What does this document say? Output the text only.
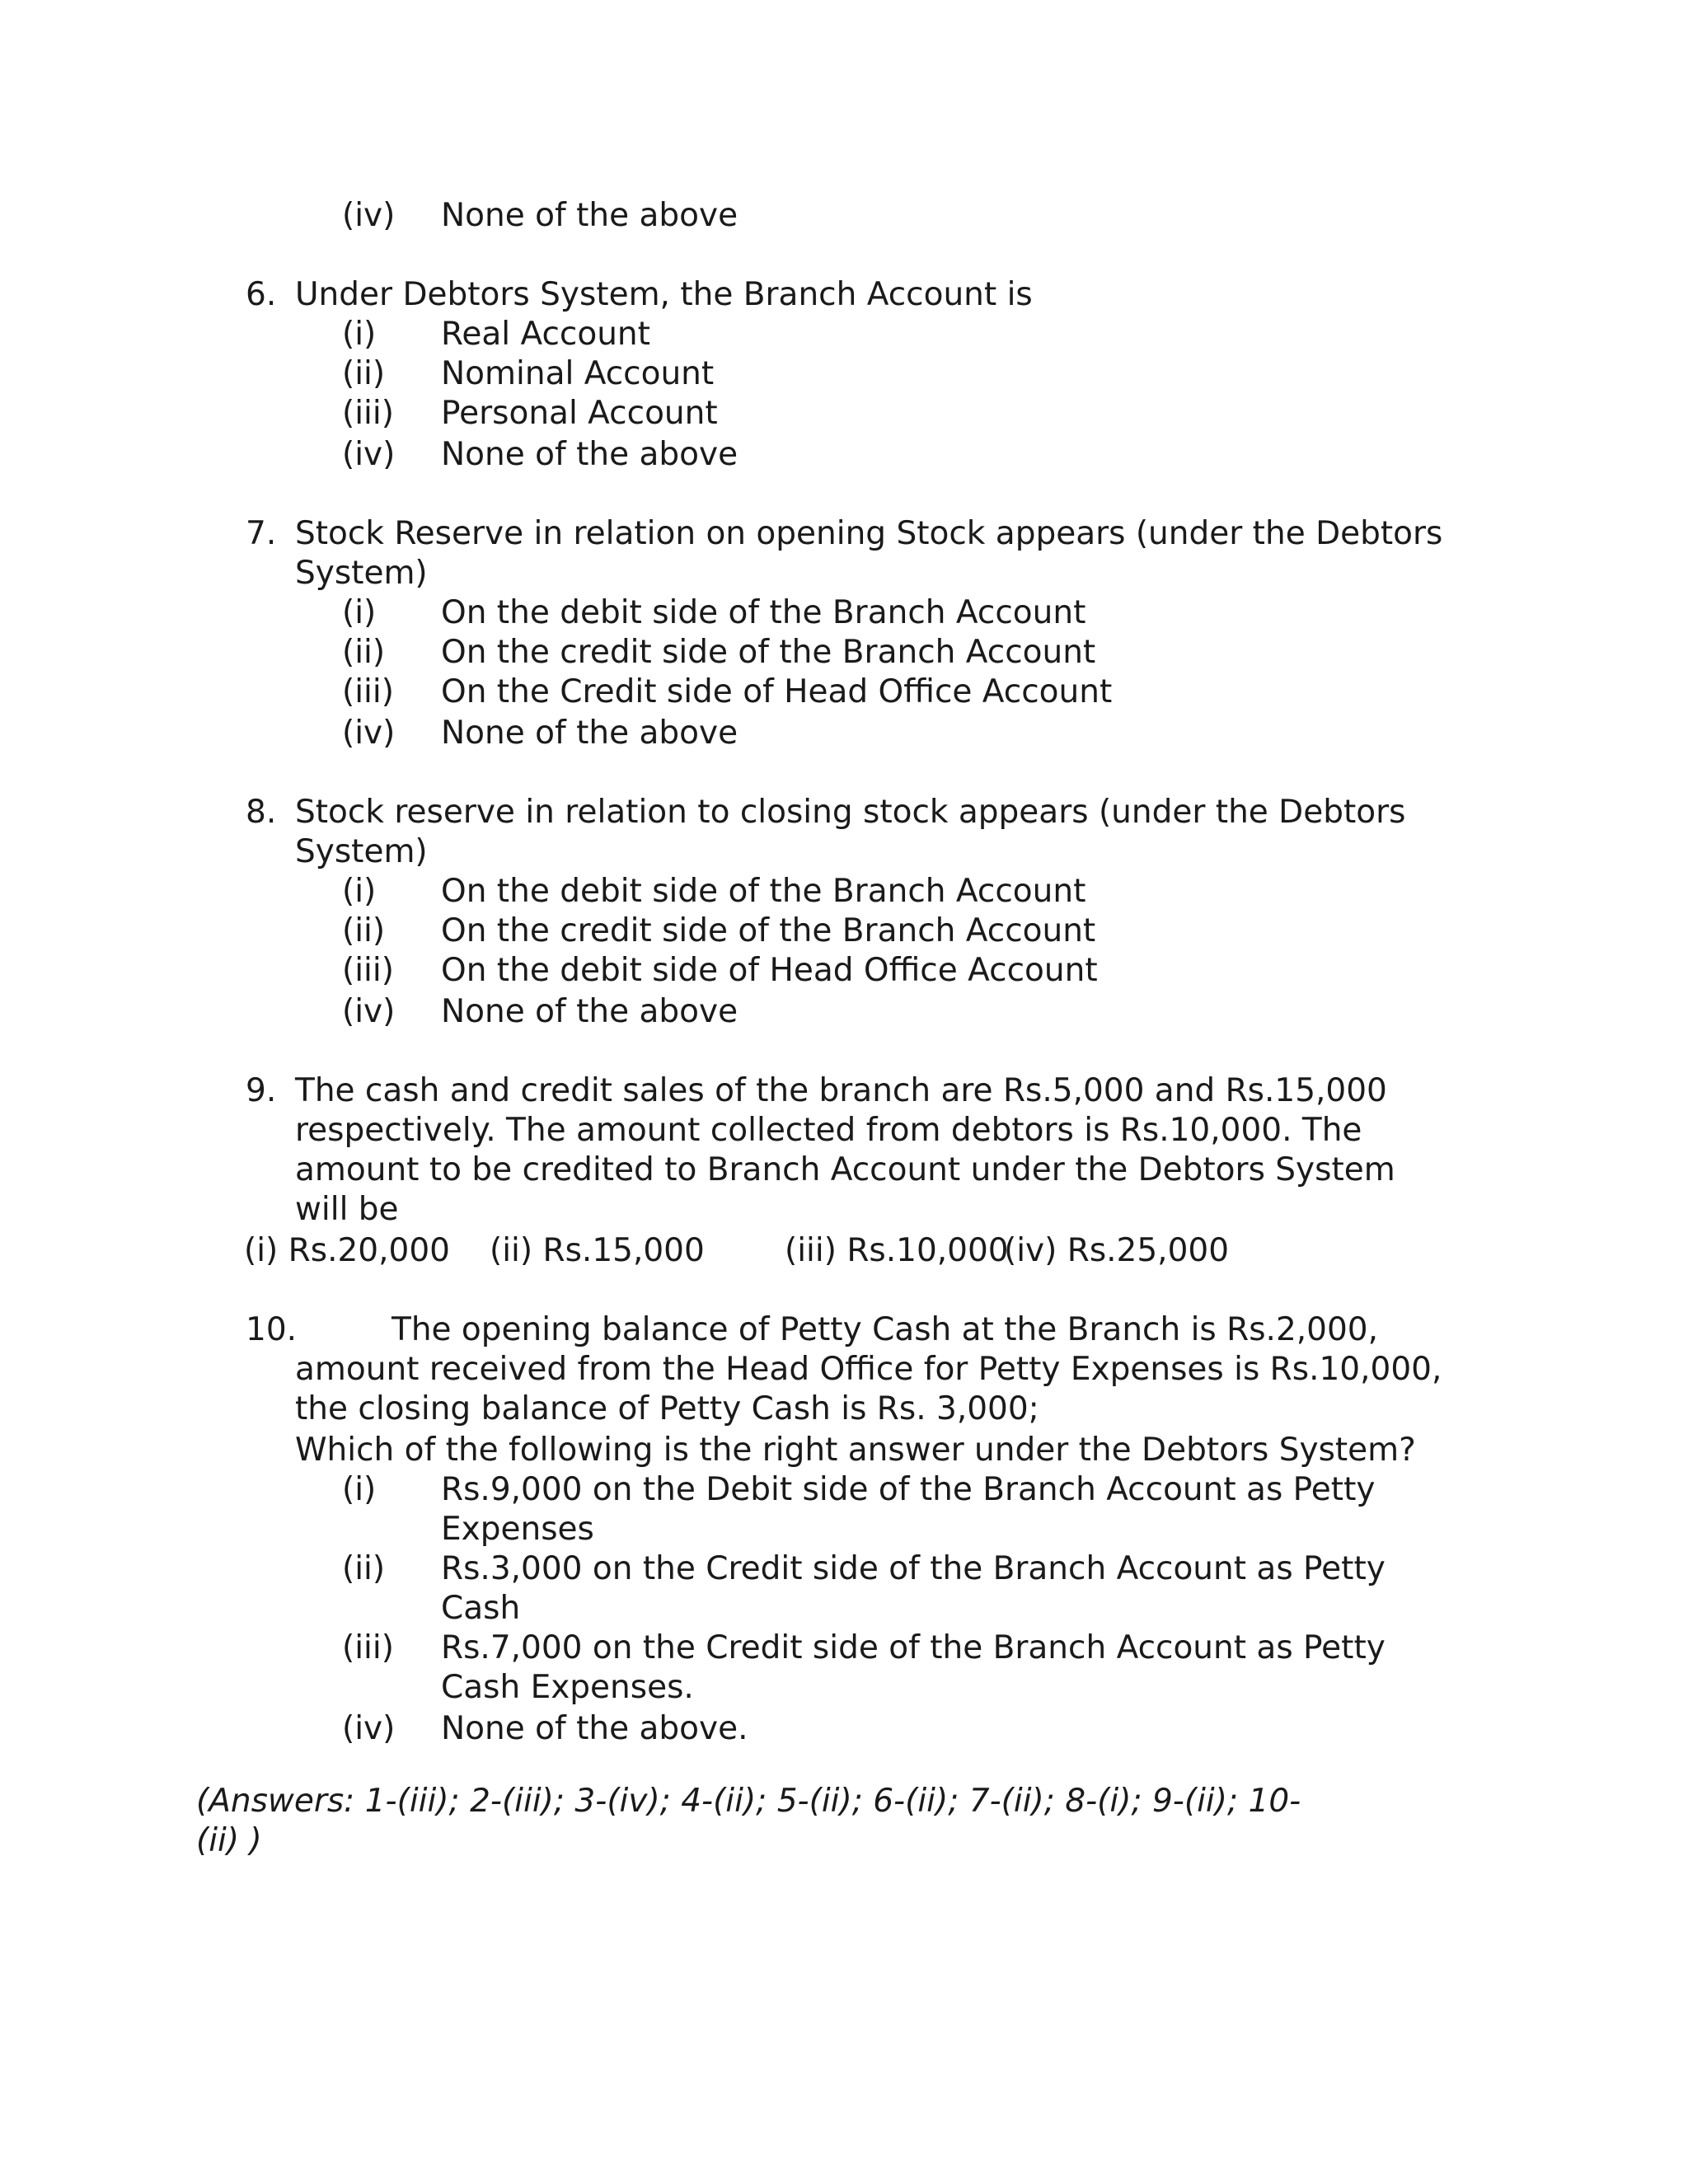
(iv) None of the above
6. Under Debtors System, the Branch Account is
(i) Real Account
(ii) Nominal Account
(iii) Personal Account
(iv) None of the above
7. Stock Reserve in relation on opening Stock appears (under the Debtors
System)
(i) On the debit side of the Branch Account
(ii) On the credit side of the Branch Account
(iii) On the Credit side of Head Office Account
(iv) None of the above
8. Stock reserve in relation to closing stock appears (under the Debtors
System)
(i) On the debit side of the Branch Account
(ii) On the credit side of the Branch Account
(iii) On the debit side of Head Office Account
(iv) None of the above
9. The cash and credit sales of the branch are Rs.5,000 and Rs.15,000
respectively. The amount collected from debtors is Rs.10,000. The
amount to be credited to Branch Account under the Debtors System
will be
(i) Rs.20,000 (ii) Rs.15,000 (iii) Rs.10,000
(iv) Rs.25,000
10.	The opening balance of Petty Cash at the Branch is Rs.2,000,
amount received from the Head Office for Petty Expenses is Rs.10,000,
the closing balance of Petty Cash is Rs. 3,000;
Which of the following is the right answer under the Debtors System?
(i) Rs.9,000 on the Debit side of the Branch Account as Petty
Expenses
(ii) Rs.3,000 on the Credit side of the Branch Account as Petty
Cash
(iii) Rs.7,000 on the Credit side of the Branch Account as Petty
Cash Expenses.
(iv) None of the above.
(Answers: 1-(iii); 2-(iii); 3-(iv); 4-(ii); 5-(ii); 6-(ii); 7-(ii); 8-(i); 9-(ii); 10-
(ii) )
